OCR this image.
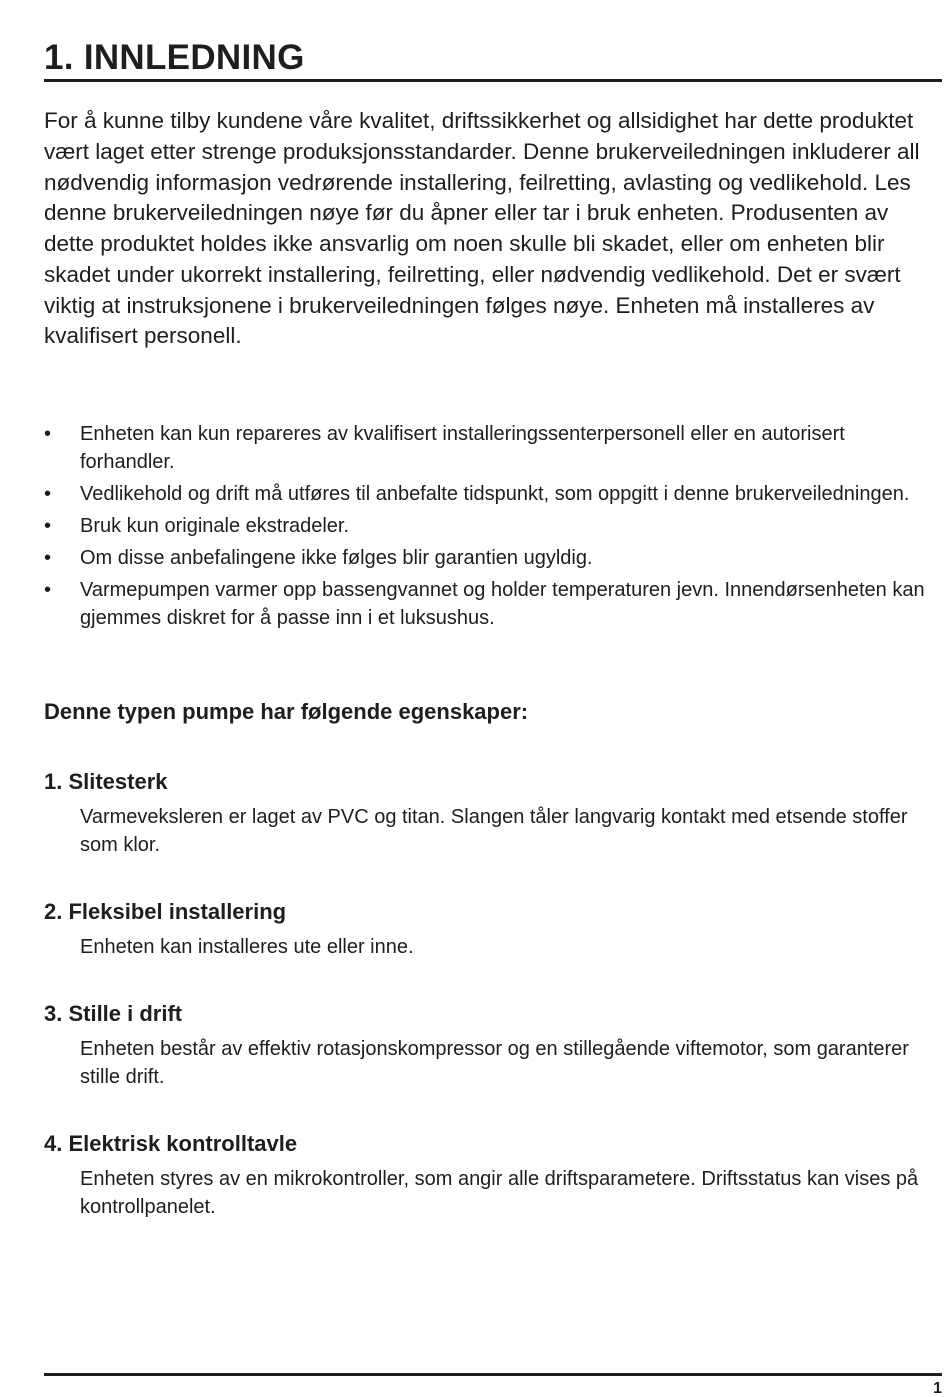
1. INNLEDNING

For å kunne tilby kundene våre kvalitet, driftssikkerhet og allsidighet har dette produktet vært laget etter strenge produksjonsstandarder. Denne brukerveiledningen inkluderer all nødvendig informasjon vedrørende installering, feilretting, avlasting og vedlikehold. Les denne brukerveiledningen nøye før du åpner eller tar i bruk enheten. Produsenten av dette produktet holdes ikke ansvarlig om noen skulle bli skadet, eller om enheten blir skadet under ukorrekt installering, feilretting, eller nødvendig vedlikehold. Det er svært viktig at instruksjonene i brukerveiledningen følges nøye. Enheten må installeres av kvalifisert personell.

• Enheten kan kun repareres av kvalifisert installeringssenterpersonell eller en autorisert forhandler.
• Vedlikehold og drift må utføres til anbefalte tidspunkt, som oppgitt i denne brukerveiledningen.
• Bruk kun originale ekstradeler.
• Om disse anbefalingene ikke følges blir garantien ugyldig.
• Varmepumpen varmer opp bassengvannet og holder temperaturen jevn. Innendørsenheten kan gjemmes diskret for å passe inn i et luksushus.
Denne typen pumpe har følgende egenskaper:
1. Slitesterk

Varmeveksleren er laget av PVC og titan. Slangen tåler langvarig kontakt med etsende stoffer som klor.

2. Fleksibel installering

Enheten kan installeres ute eller inne.

3. Stille i drift

Enheten består av effektiv rotasjonskompressor og en stillegående viftemotor, som garanterer stille drift.

4. Elektrisk kontrolltavle

Enheten styres av en mikrokontroller, som angir alle driftsparametere. Driftsstatus kan vises på kontrollpanelet.

1
